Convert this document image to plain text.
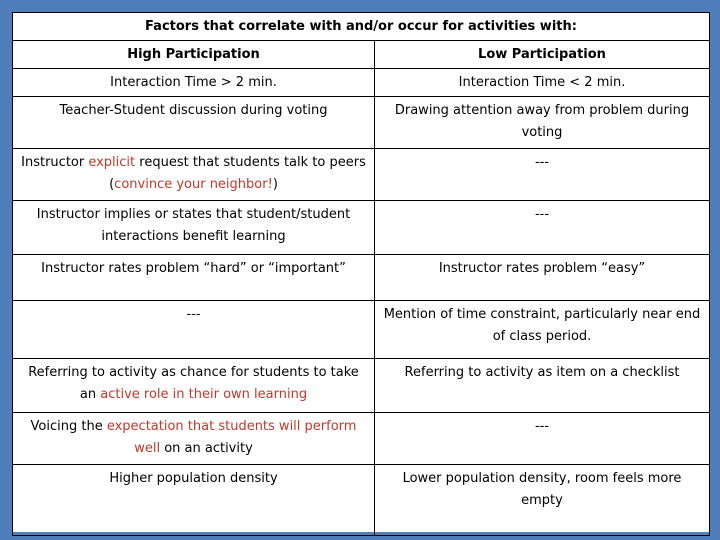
Factors that correlate with and/or occur for activities with:	
High Participation	Low Participation
Interaction Time > 2 min.	Interaction Time < 2 min.
Teacher-Student discussion during voting	Drawing attention away from problem during voting
Instructor explicit request that students talk to peers (convince your neighbor!)	---
Instructor implies or states that student/student interactions benefit learning	---
Instructor rates problem “hard” or “important”	Instructor rates problem “easy”
---	Mention of time constraint, particularly near end of class period.
Referring to activity as chance for students to take an active role in their own learning	Referring to activity as item on a checklist
Voicing the expectation that students will perform well on an activity	---
Higher population density	Lower population density, room feels more empty
